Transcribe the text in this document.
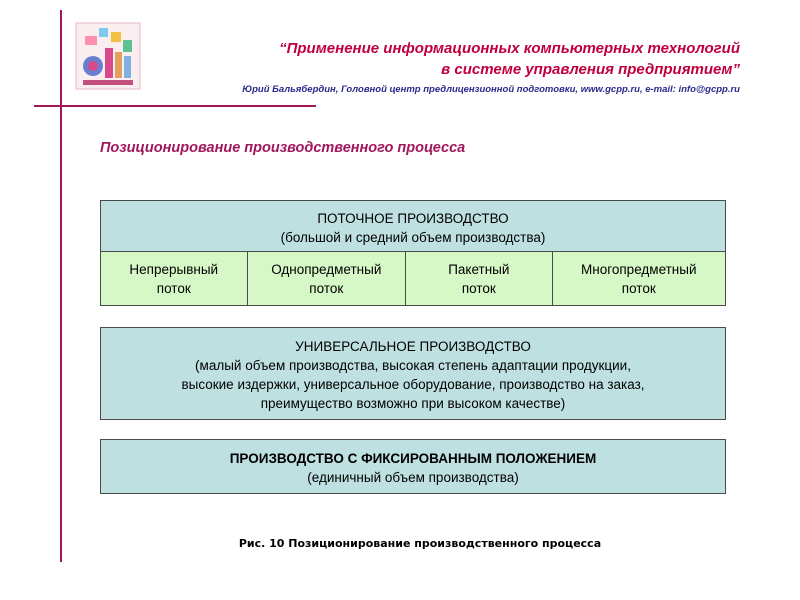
“Применение информационных компьютерных технологий
в системе управления предприятием”
Юрий Бальябердин, Головной центр предлицензионной подготовки, www.gcpp.ru, e-mail: info@gcpp.ru
Позиционирование производственного процесса
ПОТОЧНОЕ ПРОИЗВОДСТВО
(большой и средний объем производства)
Непрерывный
поток
Однопредметный
поток
Пакетный
поток
Многопредметный
поток
УНИВЕРСАЛЬНОЕ ПРОИЗВОДСТВО
(малый объем производства, высокая степень адаптации продукции,
высокие издержки, универсальное оборудование, производство на заказ,
преимущество возможно при высоком качестве)
ПРОИЗВОДСТВО С ФИКСИРОВАННЫМ ПОЛОЖЕНИЕМ
(единичный объем производства)
Рис. 10 Позиционирование производственного процесса
